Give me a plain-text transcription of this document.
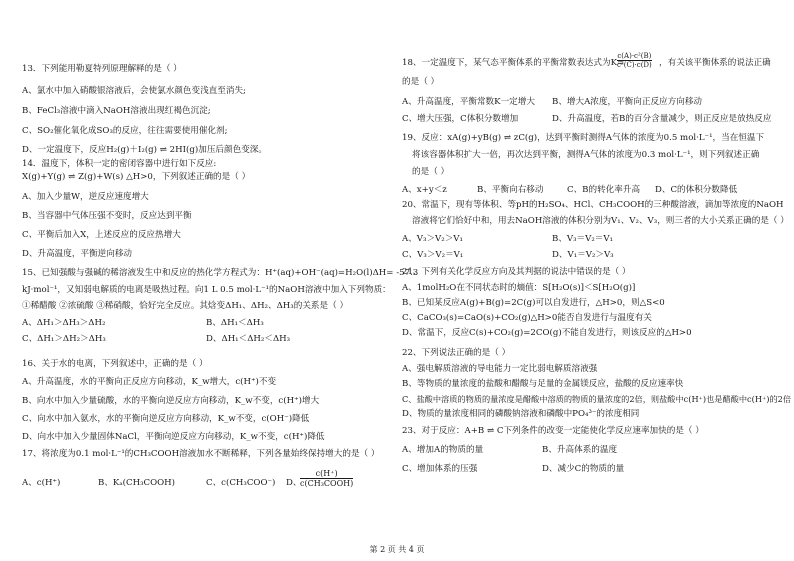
13．下列能用勒夏特列原理解释的是（ ）
A、氯水中加入硝酸银溶液后，会使氯水颜色变浅直至消失;
B、FeCl₃溶液中滴入NaOH溶液出现红褐色沉淀;
C、SO₂催化氧化成SO₃的反应，往往需要使用催化剂;
D、一定温度下，反应H₂(g)＋I₂(g) ⇌ 2HI(g)加压后颜色变深。
14．温度下，体积一定的密闭容器中进行如下反应:
X(g)+Y(g) ⇌ Z(g)+W(s) △H>0，下列叙述正确的是（ ）
A、加入少量W，逆反应速度增大
B、当容器中气体压强不变时，反应达到平衡
C、平衡后加入X，上述反应的反应热增大
D、升高温度，平衡逆向移动
15、已知强酸与强碱的稀溶液发生中和反应的热化学方程式为：H⁺(aq)+OH⁻(aq)=H₂O(l)ΔH= -57.3
kJ·mol⁻¹，又知弱电解质的电离是吸热过程。向1 L 0.5 mol·L⁻¹的NaOH溶液中加入下列物质：
①稀醋酸 ②浓硫酸 ③稀硝酸，恰好完全反应。其焓变ΔH₁、ΔH₂、ΔH₃的关系是（ ）
A、ΔH₁＞ΔH₃＞ΔH₂	B、ΔH₁＜ΔH₃
C、ΔH₁＞ΔH₂＞ΔH₃	D、ΔH₁＜ΔH₂＜ΔH₃
16、关于水的电离，下列叙述中，正确的是（ ）
A、升高温度，水的平衡向正反应方向移动，K_w增大，c(H⁺)不变
B、向水中加入少量硫酸，水的平衡向逆反应方向移动，K_w不变，c(H⁺)增大
C、向水中加入氨水，水的平衡向逆反应方向移动，K_w不变，c(OH⁻)降低
D、向水中加入少量固体NaCl，平衡向逆反应方向移动，K_w不变，c(H⁺)降低
17、将浓度为0.1 mol·L⁻¹的CH₃COOH溶液加水不断稀释，下列各量始终保持增大的是（ ）
A、c(H⁺)	B、Kₐ(CH₃COOH)	C、c(CH₃COO⁻) D、
c(H⁺)
c(CH₃COOH)
18、一定温度下，某气态平衡体系的平衡常数表达式为K=
c(A)·c²(B)
c²(C)·c(D) ，有关该平衡体系的说法正确
的是（ ）
A、升高温度，平衡常数K一定增大 B、增大A浓度，平衡向正反应方向移动
C、增大压强，C体积分数增加	D、升高温度，若B的百分含量减少，则正反应是放热反应
19、反应：xA(g)+yB(g) ⇌ zC(g)，达到平衡时测得A气体的浓度为0.5 mol·L⁻¹，当在恒温下
将该容器体积扩大一倍，再次达到平衡，测得A气体的浓度为0.3 mol·L⁻¹，则下列叙述正确
的是（ ）
A、x+y＜z	B、平衡向右移动	C、B的转化率升高 D、C的体积分数降低
20、常温下，现有等体积、等pH的H₂SO₄、HCl、CH₃COOH的三种酸溶液，滴加等浓度的NaOH
溶液将它们恰好中和，用去NaOH溶液的体积分别为V₁、V₂、V₃，则三者的大小关系正确的是（ ）
A、V₃＞V₂＞V₁	B、V₃＝V₂＝V₁
C、V₃＞V₂＝V₁	D、V₁＝V₂＞V₃
21、下列有关化学反应方向及其判据的说法中错误的是（ ）
A、1molH₂O在不同状态时的熵值：S[H₂O(s)]＜S[H₂O(g)]
B、已知某反应A(g)+B(g)=2C(g)可以自发进行，△H>0，则△S<0
C、CaCO₃(s)=CaO(s)+CO₂(g)△H>0能否自发进行与温度有关
D、常温下，反应C(s)+CO₂(g)=2CO(g)不能自发进行，则该反应的△H>0
22、下列说法正确的是（ ）
A、强电解质溶液的导电能力一定比弱电解质溶液强
B、等物质的量浓度的盐酸和醋酸与足量的金属镁反应，盐酸的反应速率快
C、盐酸中溶质的物质的量浓度是醋酸中溶质的物质的量浓度的2倍，则盐酸中c(H⁺)也是醋酸中c(H⁺)的2倍
D、物质的量浓度相同的磷酸钠溶液和磷酸中PO₄³⁻的浓度相同
23、对于反应：A+B ⇌ C下列条件的改变一定能使化学反应速率加快的是（ ）
A、增加A的物质的量	B、升高体系的温度
C、增加体系的压强	D、减少C的物质的量
第 2 页 共 4 页
